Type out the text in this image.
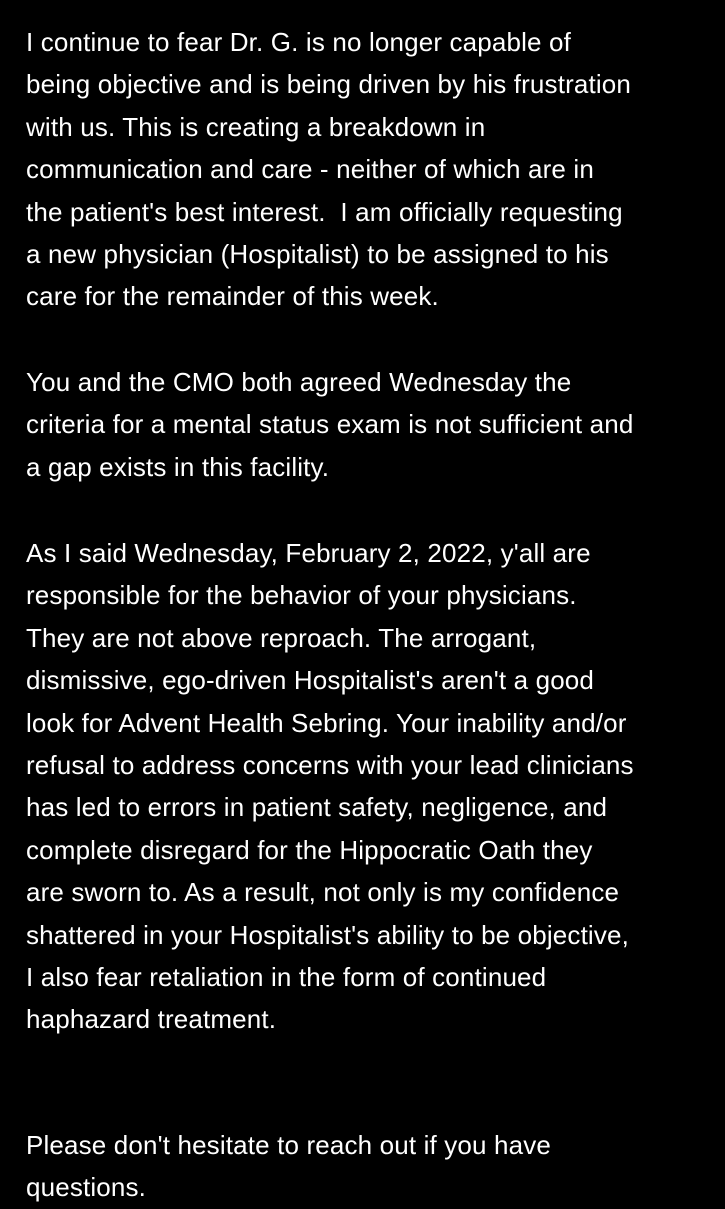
I continue to fear Dr. G. is no longer capable of
being objective and is being driven by his frustration
with us. This is creating a breakdown in
communication and care - neither of which are in
the patient's best interest.  I am officially requesting
a new physician (Hospitalist) to be assigned to his
care for the remainder of this week.

You and the CMO both agreed Wednesday the
criteria for a mental status exam is not sufficient and
a gap exists in this facility.

As I said Wednesday, February 2, 2022, y'all are
responsible for the behavior of your physicians.
They are not above reproach. The arrogant,
dismissive, ego-driven Hospitalist's aren't a good
look for Advent Health Sebring. Your inability and/or
refusal to address concerns with your lead clinicians
has led to errors in patient safety, negligence, and
complete disregard for the Hippocratic Oath they
are sworn to. As a result, not only is my confidence
shattered in your Hospitalist's ability to be objective,
I also fear retaliation in the form of continued
haphazard treatment.

Please don't hesitate to reach out if you have
questions.
